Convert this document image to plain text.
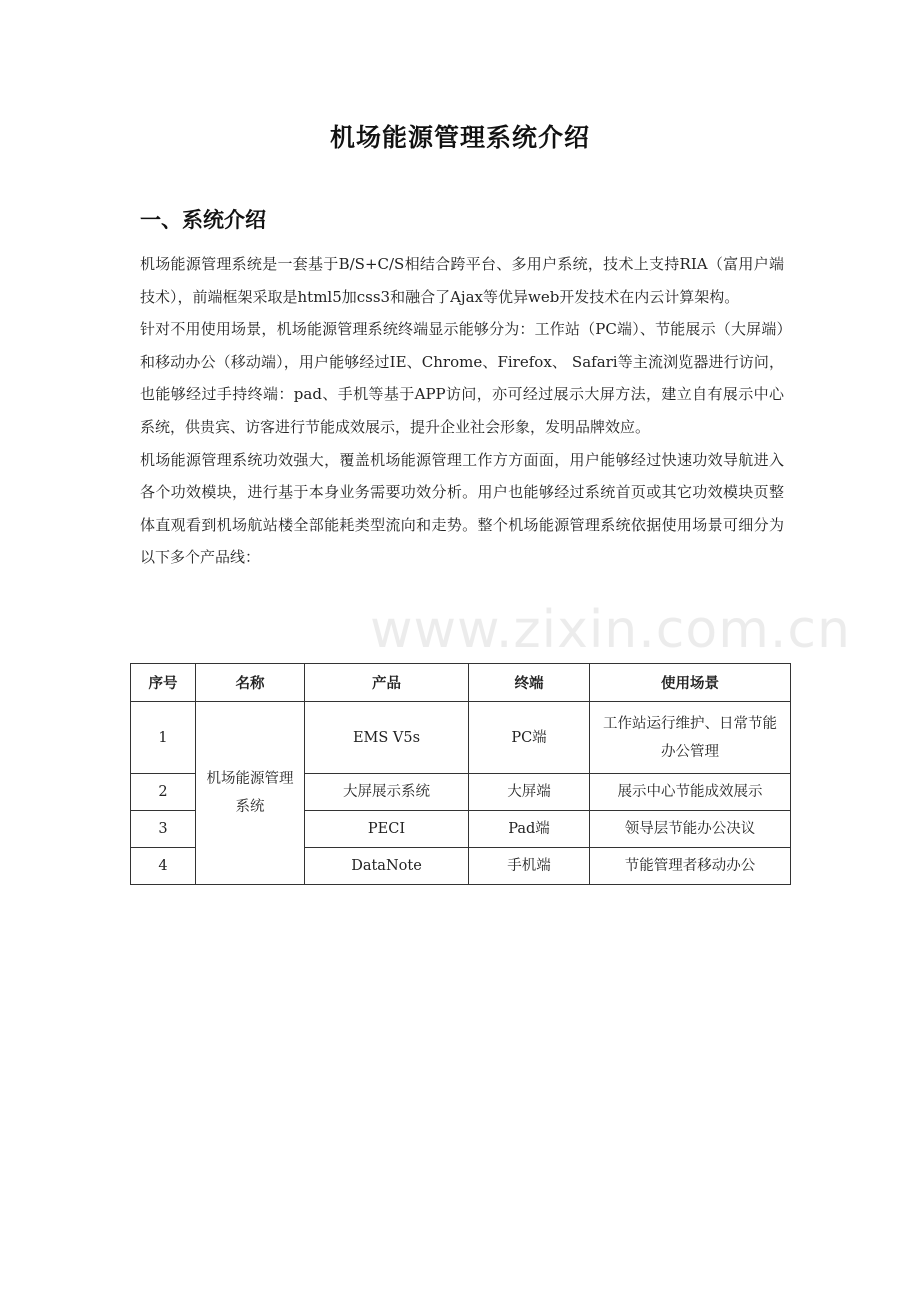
机场能源管理系统介绍
一、系统介绍

机场能源管理系统是一套基于B/S+C/S相结合跨平台、多用户系统，技术上支持RIA（富用户端技术），前端框架采取是html5加css3和融合了Ajax等优异web开发技术在内云计算架构。

针对不用使用场景，机场能源管理系统终端显示能够分为：工作站（PC端）、节能展示（大屏端）和移动办公（移动端），用户能够经过IE、Chrome、Firefox、 Safari等主流浏览器进行访问，也能够经过手持终端：pad、手机等基于APP访问，亦可经过展示大屏方法，建立自有展示中心系统，供贵宾、访客进行节能成效展示，提升企业社会形象，发明品牌效应。

机场能源管理系统功效强大，覆盖机场能源管理工作方方面面，用户能够经过快速功效导航进入各个功效模块，进行基于本身业务需要功效分析。用户也能够经过系统首页或其它功效模块页整体直观看到机场航站楼全部能耗类型流向和走势。整个机场能源管理系统依据使用场景可细分为以下多个产品线：

序号	名称	产品	终端	使用场景
1	机场能源管理系统	EMS V5s	PC端	工作站运行维护、日常节能办公管理
2		大屏展示系统	大屏端	展示中心节能成效展示
3		PECI	Pad端	领导层节能办公决议
4		DataNote	手机端	节能管理者移动办公
www.zixin.com.cn
